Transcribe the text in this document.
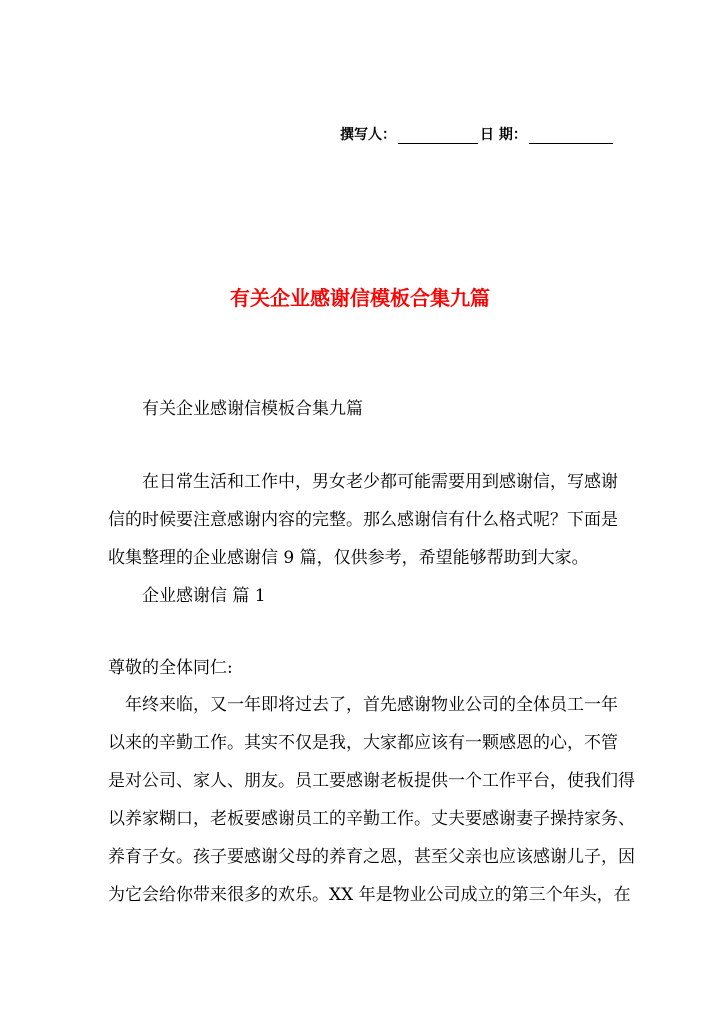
撰写人：	日 期：
有关企业感谢信模板合集九篇
有关企业感谢信模板合集九篇
在日常生活和工作中，男女老少都可能需要用到感谢信，写感谢
信的时候要注意感谢内容的完整。那么感谢信有什么格式呢？下面是
收集整理的企业感谢信 9 篇，仅供参考，希望能够帮助到大家。
企业感谢信 篇 1
尊敬的全体同仁:
年终来临，又一年即将过去了，首先感谢物业公司的全体员工一年
以来的辛勤工作。其实不仅是我，大家都应该有一颗感恩的心，不管
是对公司、家人、朋友。员工要感谢老板提供一个工作平台，使我们得
以养家糊口，老板要感谢员工的辛勤工作。丈夫要感谢妻子操持家务、
养育子女。孩子要感谢父母的养育之恩，甚至父亲也应该感谢儿子，因
为它会给你带来很多的欢乐。XX 年是物业公司成立的第三个年头，在
